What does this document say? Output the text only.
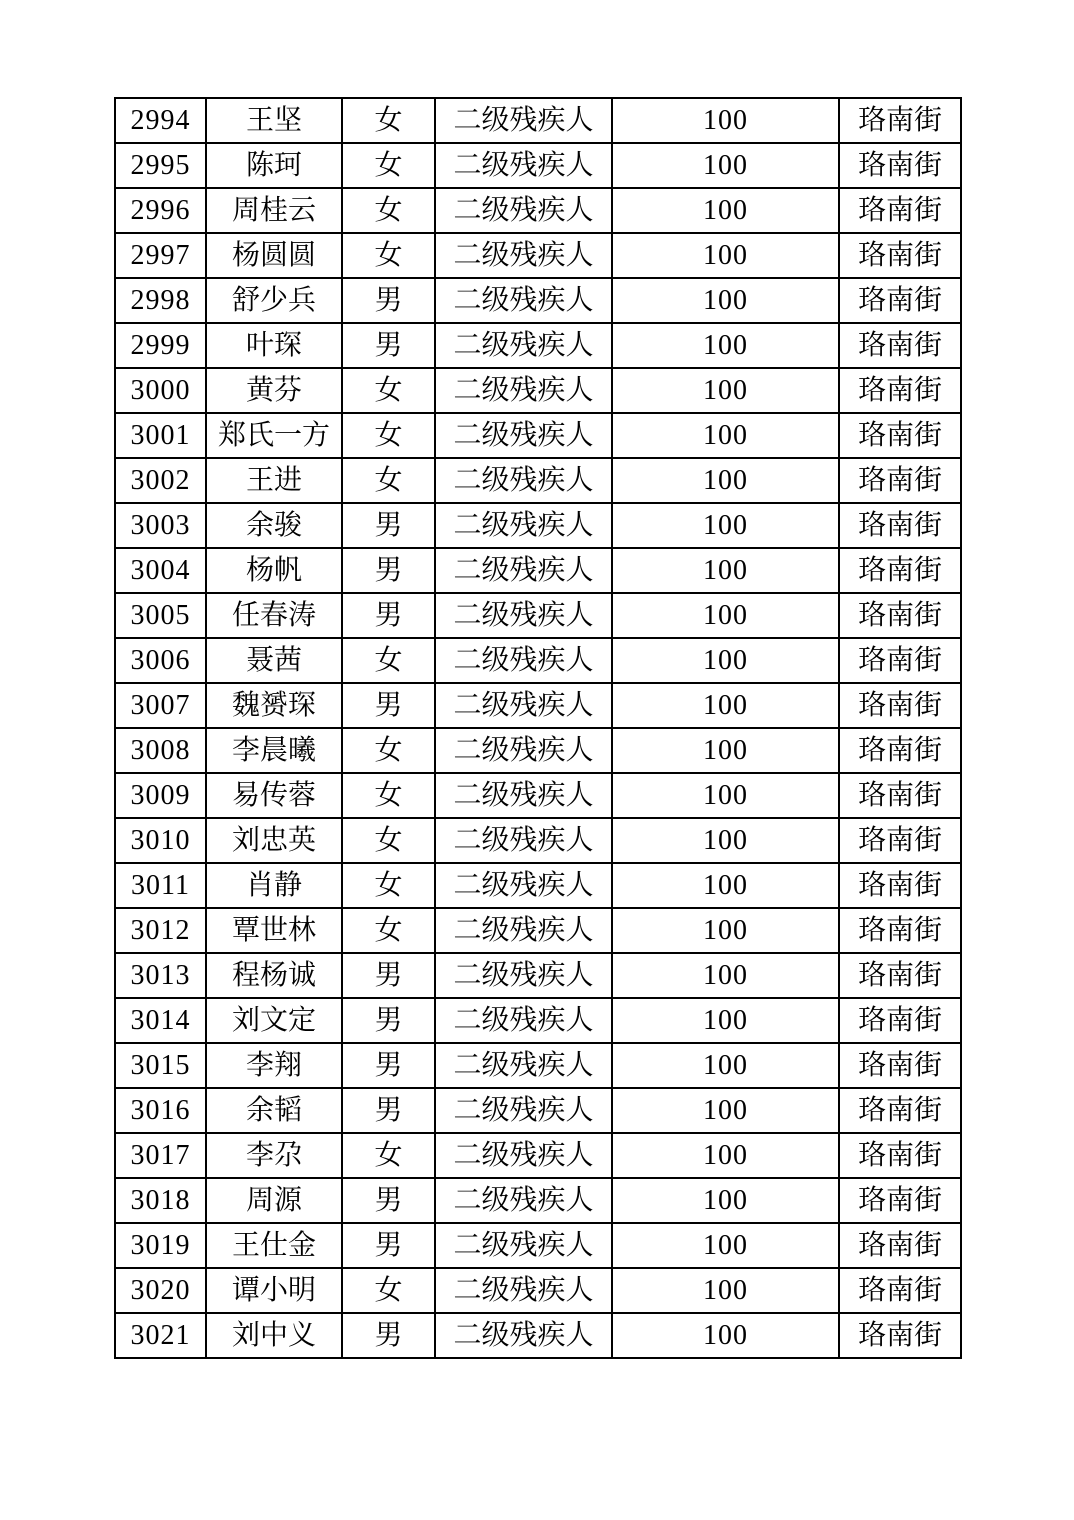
2994	王坚	女	二级残疾人	100	珞南街
2995	陈珂	女	二级残疾人	100	珞南街
2996	周桂云	女	二级残疾人	100	珞南街
2997	杨圆圆	女	二级残疾人	100	珞南街
2998	舒少兵	男	二级残疾人	100	珞南街
2999	叶琛	男	二级残疾人	100	珞南街
3000	黄芬	女	二级残疾人	100	珞南街
3001	郑氏一方	女	二级残疾人	100	珞南街
3002	王进	女	二级残疾人	100	珞南街
3003	余骏	男	二级残疾人	100	珞南街
3004	杨帆	男	二级残疾人	100	珞南街
3005	任春涛	男	二级残疾人	100	珞南街
3006	聂茜	女	二级残疾人	100	珞南街
3007	魏赟琛	男	二级残疾人	100	珞南街
3008	李晨曦	女	二级残疾人	100	珞南街
3009	易传蓉	女	二级残疾人	100	珞南街
3010	刘忠英	女	二级残疾人	100	珞南街
3011	肖静	女	二级残疾人	100	珞南街
3012	覃世林	女	二级残疾人	100	珞南街
3013	程杨诚	男	二级残疾人	100	珞南街
3014	刘文定	男	二级残疾人	100	珞南街
3015	李翔	男	二级残疾人	100	珞南街
3016	余韬	男	二级残疾人	100	珞南街
3017	李尕	女	二级残疾人	100	珞南街
3018	周源	男	二级残疾人	100	珞南街
3019	王仕金	男	二级残疾人	100	珞南街
3020	谭小明	女	二级残疾人	100	珞南街
3021	刘中义	男	二级残疾人	100	珞南街
